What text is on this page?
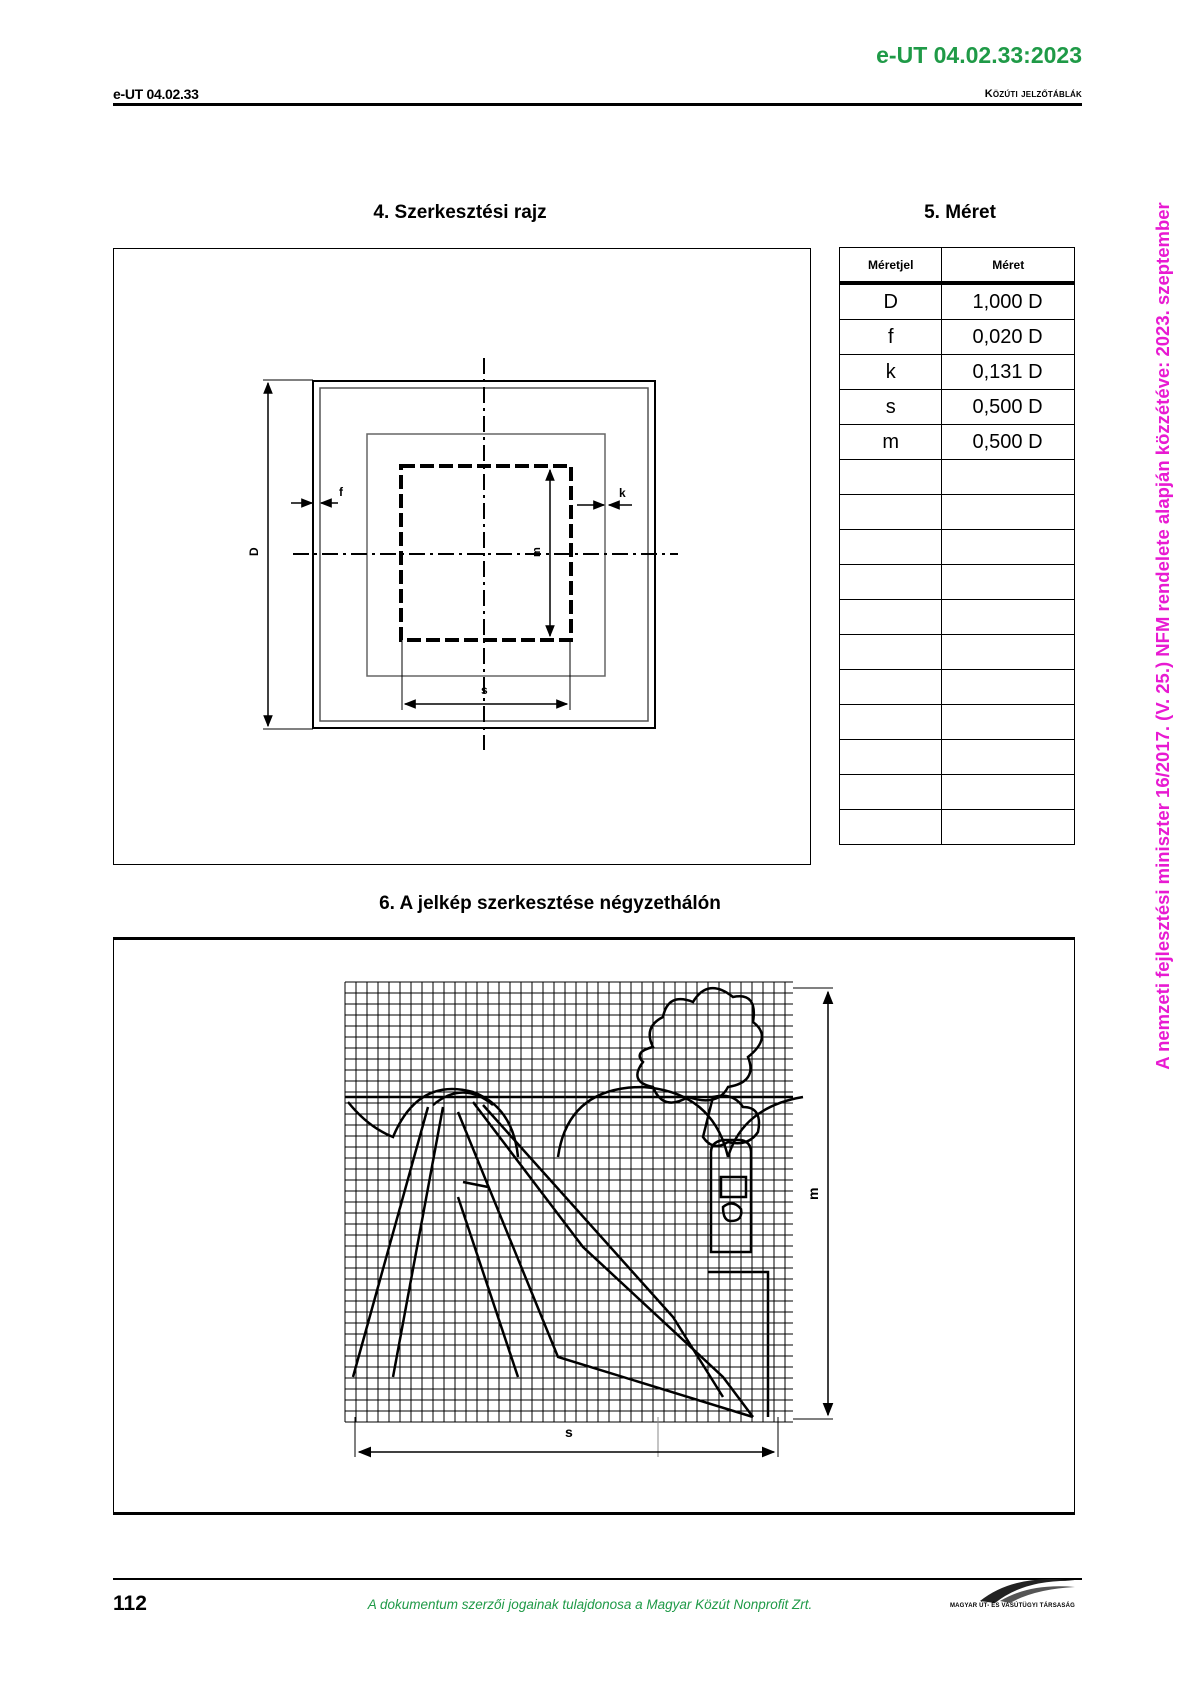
e-UT 04.02.33:2023
e-UT 04.02.33	Közúti jelzőtáblák
4. Szerkesztési rajz	5. Méret
D
f	k
m
s
Méretjel	Méret
D	1,000 D
f	0,020 D
k	0,131 D
s	0,500 D
m	0,500 D

6. A jelkép szerkesztése négyzethálón
m
s
A nemzeti fejlesztési miniszter 16/2017. (V. 25.) NFM rendelete alapján közzétéve: 2023. szeptember
112	A dokumentum szerzői jogainak tulajdonosa a Magyar Közút Nonprofit Zrt.	MAGYAR ÚT- ÉS VASÚTÜGYI TÁRSASÁG
